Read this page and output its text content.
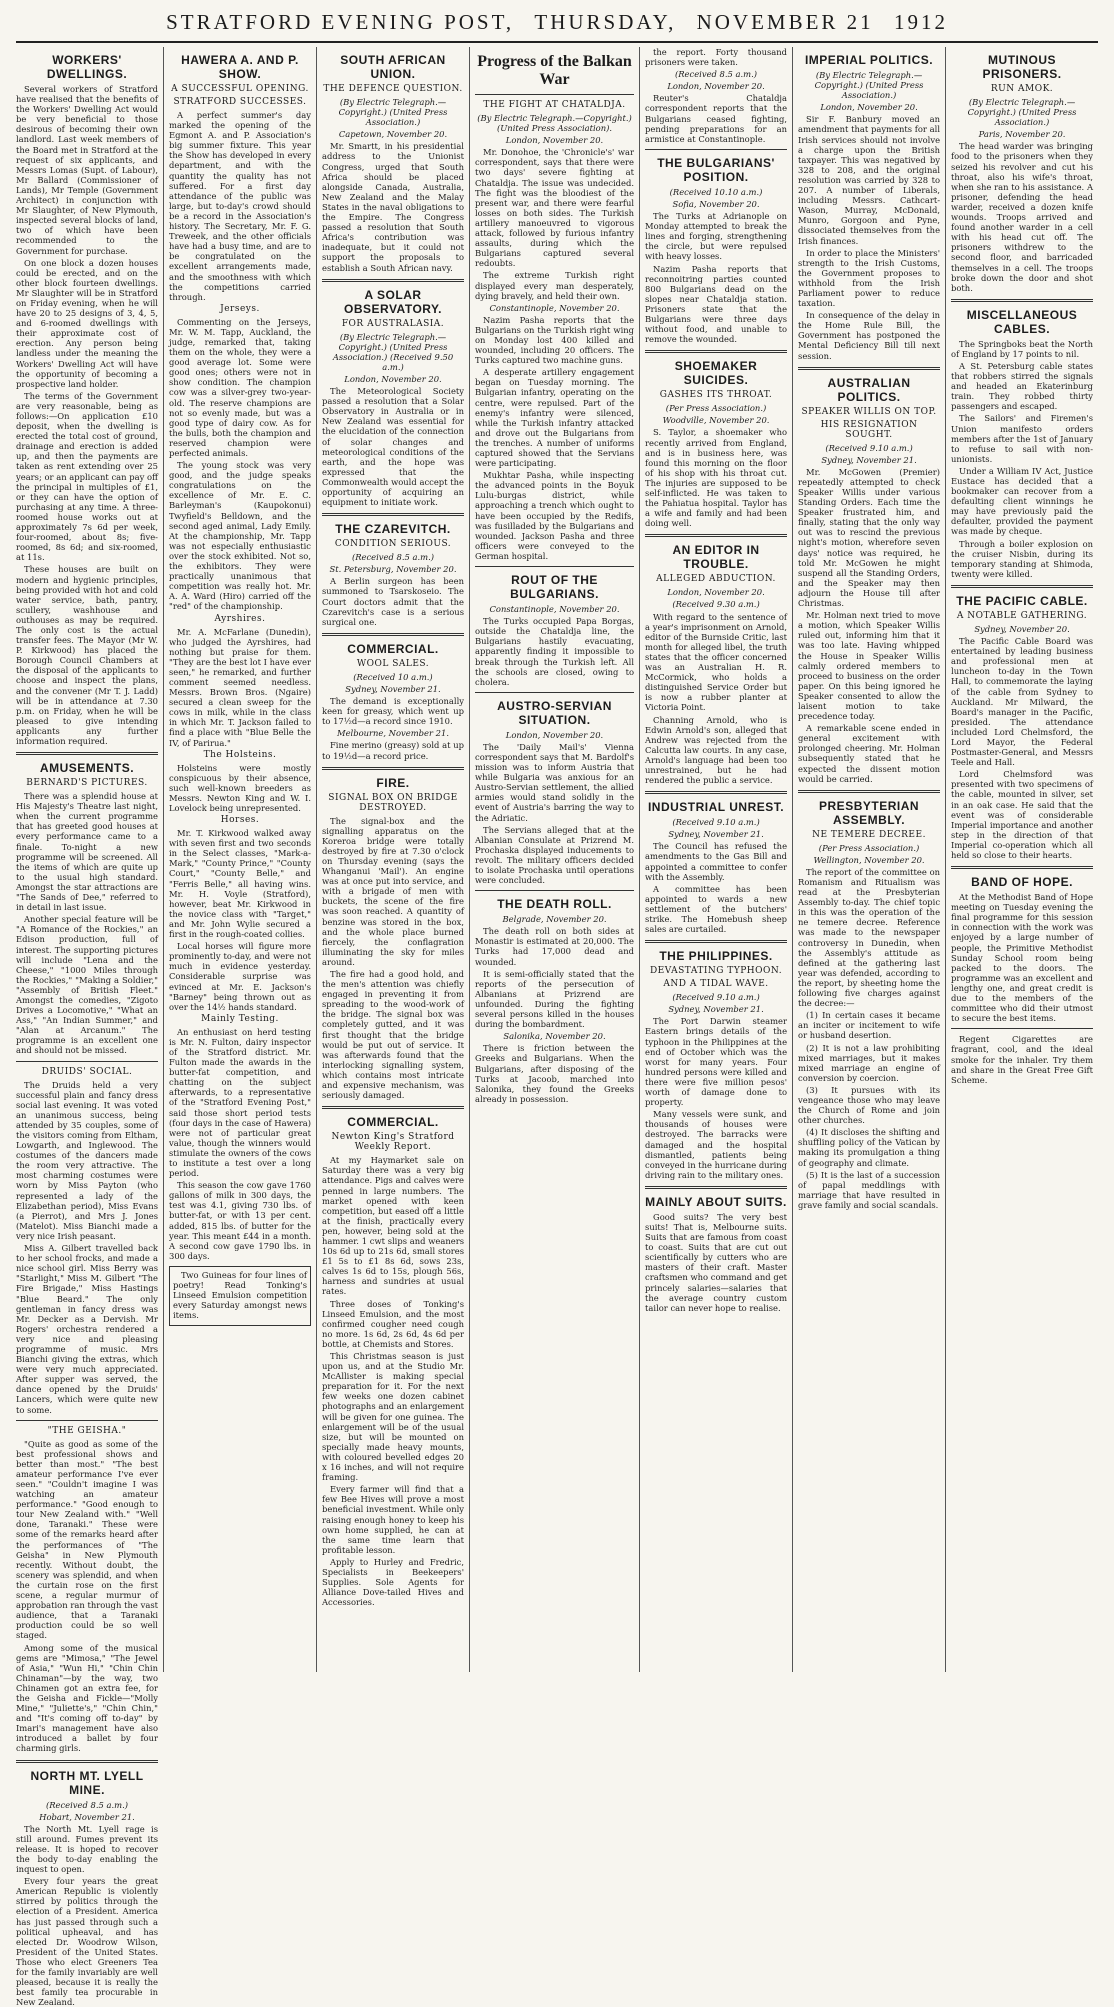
STRATFORD EVENING POST, THURSDAY, NOVEMBER 21 1912
WORKERS' DWELLINGS.

Several workers of Stratford have realised that the benefits of the Workers' Dwelling Act would be very beneficial to those desirous of becoming their own landlord. Last week members of the Board met in Stratford at the request of six applicants, and Messrs Lomas (Supt. of Labour), Mr Ballard (Commissioner of Lands), Mr Temple (Government Architect) in conjunction with Mr Slaughter, of New Plymouth, inspected several blocks of land, two of which have been recommended to the Government for purchase.

On one block a dozen houses could be erected, and on the other block fourteen dwellings. Mr Slaughter will be in Stratford on Friday evening, when he will have 20 to 25 designs of 3, 4, 5, and 6-roomed dwellings with their approximate cost of erection. Any person being landless under the meaning the Workers' Dwelling Act will have the opportunity of becoming a prospective land holder.

The terms of the Government are very reasonable, being as follows:—On application £10 deposit, when the dwelling is erected the total cost of ground, drainage and erection is added up, and then the payments are taken as rent extending over 25 years; or an applicant can pay off the principal in multiples of £1, or they can have the option of purchasing at any time. A three-roomed house works out at approximately 7s 6d per week, four-roomed, about 8s; five-roomed, 8s 6d; and six-roomed, at 11s.

These houses are built on modern and hygienic principles, being provided with hot and cold water service, bath, pantry, scullery, washhouse and outhouses as may be required. The only cost is the actual transfer fees. The Mayor (Mr W. P. Kirkwood) has placed the Borough Council Chambers at the disposal of the applicants to choose and inspect the plans, and the convener (Mr T. J. Ladd) will be in attendance at 7.30 p.m. on Friday, when he will be pleased to give intending applicants any further information required.

AMUSEMENTS.
BERNARD'S PICTURES.

There was a splendid house at His Majesty's Theatre last night, when the current programme that has greeted good houses at every performance came to a finale. To-night a new programme will be screened. All the items of which are quite up to the usual high standard. Amongst the star attractions are "The Sands of Dee," referred to in detail in last issue.

Another special feature will be "A Romance of the Rockies," an Edison production, full of interest. The supporting pictures will include "Lena and the Cheese," "1000 Miles through the Rockies," "Making a Soldier," "Assembly of British Fleet." Amongst the comedies, "Zigoto Drives a Locomotive," "What an Ass," "An Indian Summer," and "Alan at Arcanum." The programme is an excellent one and should not be missed.

DRUIDS' SOCIAL.

The Druids held a very successful plain and fancy dress social last evening. It was voted an unanimous success, being attended by 35 couples, some of the visitors coming from Eltham, Lowgarth, and Inglewood. The costumes of the dancers made the room very attractive. The most charming costumes were worn by Miss Payton (who represented a lady of the Elizabethan period), Miss Evans (a Pierrot), and Mrs J. Jones (Matelot). Miss Bianchi made a very nice Irish peasant.

Miss A. Gilbert travelled back to her school frocks, and made a nice school girl. Miss Berry was "Starlight," Miss M. Gilbert "The Fire Brigade," Miss Hastings "Blue Beard." The only gentleman in fancy dress was Mr. Decker as a Dervish. Mr Rogers' orchestra rendered a very nice and pleasing programme of music. Mrs Bianchi giving the extras, which were very much appreciated. After supper was served, the dance opened by the Druids' Lancers, which were quite new to some.

"THE GEISHA."

"Quite as good as some of the best professional shows and better than most." "The best amateur performance I've ever seen." "Couldn't imagine I was watching an amateur performance." "Good enough to tour New Zealand with." "Well done, Taranaki." These were some of the remarks heard after the performances of "The Geisha" in New Plymouth recently. Without doubt, the scenery was splendid, and when the curtain rose on the first scene, a regular murmur of approbation ran through the vast audience, that a Taranaki production could be so well staged.

Among some of the musical gems are "Mimosa," "The Jewel of Asia," "Wun Hi," "Chin Chin Chinaman"—by the way, two Chinamen got an extra fee, for the Geisha and Fickle—"Molly Mine," "Juliette's," "Chin Chin," and "It's coming off to-day" by Imari's management have also introduced a ballet by four charming girls.

NORTH MT. LYELL MINE.

(Received 8.5 a.m.)

Hobart, November 21.

The North Mt. Lyell rage is still around. Fumes prevent its release. It is hoped to recover the body to-day enabling the inquest to open.

Every four years the great American Republic is violently stirred by politics through the election of a President. America has just passed through such a political upheaval, and has elected Dr. Woodrow Wilson, President of the United States. Those who elect Greeners Tea for the family invariably are well pleased, because it is really the best family tea procurable in New Zealand.

HAWERA A. AND P. SHOW.
A SUCCESSFUL OPENING.
STRATFORD SUCCESSES.

A perfect summer's day marked the opening of the Egmont A. and P. Association's big summer fixture. This year the Show has developed in every department, and with the quantity the quality has not suffered. For a first day attendance of the public was large, but to-day's crowd should be a record in the Association's history. The Secretary, Mr. F. G. Treweek, and the other officials have had a busy time, and are to be congratulated on the excellent arrangements made, and the smoothness with which the competitions carried through.

Jerseys.

Commenting on the Jerseys, Mr. W. M. Tapp, Auckland, the judge, remarked that, taking them on the whole, they were a good average lot. Some were good ones; others were not in show condition. The champion cow was a silver-grey two-year-old. The reserve champions are not so evenly made, but was a good type of dairy cow. As for the bulls, both the champion and reserved champion were perfected animals.

The young stock was very good, and the judge speaks congratulations on the excellence of Mr. E. C. Barleyman's (Kaupokonui) Twyfield's Belldown, and the second aged animal, Lady Emily. At the championship, Mr. Tapp was not especially enthusiastic over the stock exhibited. Not so, the exhibitors. They were practically unanimous that competition was really hot. Mr. A. A. Ward (Hiro) carried off the "red" of the championship.

Ayrshires.

Mr. A. McFarlane (Dunedin), who judged the Ayrshires, had nothing but praise for them. "They are the best lot I have ever seen," he remarked, and further comment seemed needless. Messrs. Brown Bros. (Ngaire) secured a clean sweep for the cows in milk, while in the class in which Mr. T. Jackson failed to find a place with "Blue Belle the IV, of Parirua."

The Holsteins.

Holsteins were mostly conspicuous by their absence, such well-known breeders as Messrs. Newton King and W. I. Lovelock being unrepresented.

Horses.

Mr. T. Kirkwood walked away with seven first and two seconds in the Select classes, "Mark-a-Mark," "County Prince," "County Court," "County Belle," and "Ferris Belle," all having wins. Mr. H. Voyle (Stratford), however, beat Mr. Kirkwood in the novice class with "Target," and Mr. John Wylie secured a first in the rough-coated collies.

Local horses will figure more prominently to-day, and were not much in evidence yesterday. Considerable surprise was evinced at Mr. E. Jackson's "Barney" being thrown out as over the 14½ hands standard.

Mainly Testing.

An enthusiast on herd testing is Mr. N. Fulton, dairy inspector of the Stratford district. Mr. Fulton made the awards in the butter-fat competition, and chatting on the subject afterwards, to a representative of the "Stratford Evening Post," said those short period tests (four days in the case of Hawera) were not of particular great value, though the winners would stimulate the owners of the cows to institute a test over a long period.

This season the cow gave 1760 gallons of milk in 300 days, the test was 4.1, giving 730 lbs. of butter-fat, or with 13 per cent. added, 815 lbs. of butter for the year. This meant £44 in a month. A second cow gave 1790 lbs. in 300 days.

Two Guineas for four lines of poetry! Read Tonking's Linseed Emulsion competition every Saturday amongst news items.

SOUTH AFRICAN UNION.
THE DEFENCE QUESTION.

(By Electric Telegraph.—Copyright.) (United Press Association.)

Capetown, November 20.

Mr. Smartt, in his presidential address to the Unionist Congress, urged that South Africa should be placed alongside Canada, Australia, New Zealand and the Malay States in the naval obligations to the Empire. The Congress passed a resolution that South Africa's contribution was inadequate, but it could not support the proposals to establish a South African navy.

A SOLAR OBSERVATORY.
FOR AUSTRALASIA.

(By Electric Telegraph.—Copyright.) (United Press Association.) (Received 9.50 a.m.)

London, November 20.

The Meteorological Society passed a resolution that a Solar Observatory in Australia or in New Zealand was essential for the elucidation of the connection of solar changes and meteorological conditions of the earth, and the hope was expressed that the Commonwealth would accept the opportunity of acquiring an equipment to initiate work.

THE CZAREVITCH.
CONDITION SERIOUS.

(Received 8.5 a.m.)

St. Petersburg, November 20.

A Berlin surgeon has been summoned to Tsarskoseio. The Court doctors admit that the Czarevitch's case is a serious surgical one.

COMMERCIAL.
WOOL SALES.

(Received 10 a.m.)

Sydney, November 21.

The demand is exceptionally keen for greasy, which went up to 17½d—a record since 1910.

Melbourne, November 21.

Fine merino (greasy) sold at up to 19½d—a record price.

FIRE.
SIGNAL BOX ON BRIDGE DESTROYED.

The signal-box and the signalling apparatus on the Koreroa bridge were totally destroyed by fire at 7.30 o'clock on Thursday evening (says the Whanganui 'Mail'). An engine was at once put into service, and with a brigade of men with buckets, the scene of the fire was soon reached. A quantity of benzine was stored in the box, and the whole place burned fiercely, the conflagration illuminating the sky for miles around.

The fire had a good hold, and the men's attention was chiefly engaged in preventing it from spreading to the wood-work of the bridge. The signal box was completely gutted, and it was first thought that the bridge would be put out of service. It was afterwards found that the interlocking signalling system, which contains most intricate and expensive mechanism, was seriously damaged.

COMMERCIAL.
Newton King's Stratford Weekly Report.

At my Haymarket sale on Saturday there was a very big attendance. Pigs and calves were penned in large numbers. The market opened with keen competition, but eased off a little at the finish, practically every pen, however, being sold at the hammer. 1 cwt slips and weaners 10s 6d up to 21s 6d, small stores £1 5s to £1 8s 6d, sows 23s, calves 1s 6d to 15s, plough 56s, harness and sundries at usual rates.

Three doses of Tonking's Linseed Emulsion, and the most confirmed cougher need cough no more. 1s 6d, 2s 6d, 4s 6d per bottle, at Chemists and Stores.

This Christmas season is just upon us, and at the Studio Mr. McAllister is making special preparation for it. For the next few weeks one dozen cabinet photographs and an enlargement will be given for one guinea. The enlargement will be of the usual size, but will be mounted on specially made heavy mounts, with coloured bevelled edges 20 x 16 inches, and will not require framing.

Every farmer will find that a few Bee Hives will prove a most beneficial investment. While only raising enough honey to keep his own home supplied, he can at the same time learn that profitable lesson.

Apply to Hurley and Fredric, Specialists in Beekeepers' Supplies. Sole Agents for Alliance Dove-tailed Hives and Accessories.

Progress of the Balkan War
THE FIGHT AT CHATALDJA.

(By Electric Telegraph.—Copyright.) (United Press Association).

London, November 20.

Mr. Donohoe, the 'Chronicle's' war correspondent, says that there were two days' severe fighting at Chataldja. The issue was undecided. The fight was the bloodiest of the present war, and there were fearful losses on both sides. The Turkish artillery manoeuvred to vigorous attack, followed by furious infantry assaults, during which the Bulgarians captured several redoubts.

The extreme Turkish right displayed every man desperately, dying bravely, and held their own.

Constantinople, November 20.

Nazim Pasha reports that the Bulgarians on the Turkish right wing on Monday lost 400 killed and wounded, including 20 officers. The Turks captured two machine guns.

A desperate artillery engagement began on Tuesday morning. The Bulgarian infantry, operating on the centre, were repulsed. Part of the enemy's infantry were silenced, while the Turkish infantry attacked and drove out the Bulgarians from the trenches. A number of uniforms captured showed that the Servians were participating.

Mukhtar Pasha, while inspecting the advanced points in the Boyuk Lulu-burgas district, while approaching a trench which ought to have been occupied by the Redifs, was fusilladed by the Bulgarians and wounded. Jackson Pasha and three officers were conveyed to the German hospital.

ROUT OF THE BULGARIANS.

Constantinople, November 20.

The Turks occupied Papa Borgas, outside the Chataldja line, the Bulgarians hastily evacuating, apparently finding it impossible to break through the Turkish left. All the schools are closed, owing to cholera.

AUSTRO-SERVIAN SITUATION.

London, November 20.

The 'Daily Mail's' Vienna correspondent says that M. Bardolf's mission was to inform Austria that while Bulgaria was anxious for an Austro-Servian settlement, the allied armies would stand solidly in the event of Austria's barring the way to the Adriatic.

The Servians alleged that at the Albanian Consulate at Prizrend M. Prochaska displayed inducements to revolt. The military officers decided to isolate Prochaska until operations were concluded.

THE DEATH ROLL.

Belgrade, November 20.

The death roll on both sides at Monastir is estimated at 20,000. The Turks had 17,000 dead and wounded.

It is semi-officially stated that the reports of the persecution of Albanians at Prizrend are unfounded. During the fighting several persons killed in the houses during the bombardment.

Salonika, November 20.

There is friction between the Greeks and Bulgarians. When the Bulgarians, after disposing of the Turks at Jacoob, marched into Salonika, they found the Greeks already in possession.

the report. Forty thousand prisoners were taken.

(Received 8.5 a.m.)

London, November 20.

Reuter's Chataldja correspondent reports that the Bulgarians ceased fighting, pending preparations for an armistice at Constantinople.

THE BULGARIANS' POSITION.

(Received 10.10 a.m.)

Sofia, November 20.

The Turks at Adrianople on Monday attempted to break the lines and forging, strengthening the circle, but were repulsed with heavy losses.

Nazim Pasha reports that reconnoitring parties counted 800 Bulgarians dead on the slopes near Chataldja station. Prisoners state that the Bulgarians were three days without food, and unable to remove the wounded.

SHOEMAKER SUICIDES.
GASHES ITS THROAT.

(Per Press Association.)

Woodville, November 20.

S. Taylor, a shoemaker who recently arrived from England, and is in business here, was found this morning on the floor of his shop with his throat cut. The injuries are supposed to be self-inflicted. He was taken to the Pahiatua hospital. Taylor has a wife and family and had been doing well.

AN EDITOR IN TROUBLE.
ALLEGED ABDUCTION.

London, November 20.

(Received 9.30 a.m.)

With regard to the sentence of a year's imprisonment on Arnold, editor of the Burnside Critic, last month for alleged libel, the truth states that the officer concerned was an Australian H. R. McCormick, who holds a distinguished Service Order but is now a rubber planter at Victoria Point.

Channing Arnold, who is Edwin Arnold's son, alleged that Andrew was rejected from the Calcutta law courts. In any case, Arnold's language had been too unrestrained, but he had rendered the public a service.

INDUSTRIAL UNREST.

(Received 9.10 a.m.)

Sydney, November 21.

The Council has refused the amendments to the Gas Bill and appointed a committee to confer with the Assembly.

A committee has been appointed to wards a new settlement of the butchers' strike. The Homebush sheep sales are curtailed.

THE PHILIPPINES.
DEVASTATING TYPHOON.
AND A TIDAL WAVE.

(Received 9.10 a.m.)

Sydney, November 21.

The Port Darwin steamer Eastern brings details of the typhoon in the Philippines at the end of October which was the worst for many years. Four hundred persons were killed and there were five million pesos' worth of damage done to property.

Many vessels were sunk, and thousands of houses were destroyed. The barracks were damaged and the hospital dismantled, patients being conveyed in the hurricane during driving rain to the military ones.

MAINLY ABOUT SUITS.

Good suits? The very best suits! That is, Melbourne suits. Suits that are famous from coast to coast. Suits that are cut out scientifically by cutters who are masters of their craft. Master craftsmen who command and get princely salaries—salaries that the average country custom tailor can never hope to realise.

IMPERIAL POLITICS.

(By Electric Telegraph.—Copyright.) (United Press Association.)

London, November 20.

Sir F. Banbury moved an amendment that payments for all Irish services should not involve a charge upon the British taxpayer. This was negatived by 328 to 208, and the original resolution was carried by 328 to 207. A number of Liberals, including Messrs. Cathcart-Wason, Murray, McDonald, Munro, Gorgoon and Pyne, dissociated themselves from the Irish finances.

In order to place the Ministers' strength to the Irish Customs, the Government proposes to withhold from the Irish Parliament power to reduce taxation.

In consequence of the delay in the Home Rule Bill, the Government has postponed the Mental Deficiency Bill till next session.

AUSTRALIAN POLITICS.
SPEAKER WILLIS ON TOP.
HIS RESIGNATION SOUGHT.

(Received 9.10 a.m.)

Sydney, November 21.

Mr. McGowen (Premier) repeatedly attempted to check Speaker Willis under various Standing Orders. Each time the Speaker frustrated him, and finally, stating that the only way out was to rescind the previous night's motion, wherefore seven days' notice was required, he told Mr. McGowen he might suspend all the Standing Orders, and the Speaker may then adjourn the House till after Christmas.

Mr. Holman next tried to move a motion, which Speaker Willis ruled out, informing him that it was too late. Having whipped the House in Speaker Willis calmly ordered members to proceed to business on the order paper. On this being ignored he Speaker consented to allow the laisent motion to take precedence today.

A remarkable scene ended in general excitement with prolonged cheering. Mr. Holman subsequently stated that he expected the dissent motion would be carried.

PRESBYTERIAN ASSEMBLY.
NE TEMERE DECREE.

(Per Press Association.)

Wellington, November 20.

The report of the committee on Romanism and Ritualism was read at the Presbyterian Assembly to-day. The chief topic in this was the operation of the ne temere decree. Reference was made to the newspaper controversy in Dunedin, when the Assembly's attitude as defined at the gathering last year was defended, according to the report, by sheeting home the following five charges against the decree:—

(1) In certain cases it became an inciter or incitement to wife or husband desertion.

(2) It is not a law prohibiting mixed marriages, but it makes mixed marriage an engine of conversion by coercion.

(3) It pursues with its vengeance those who may leave the Church of Rome and join other churches.

(4) It discloses the shifting and shuffling policy of the Vatican by making its promulgation a thing of geography and climate.

(5) It is the last of a succession of papal meddlings with marriage that have resulted in grave family and social scandals.

MUTINOUS PRISONERS.
RUN AMOK.

(By Electric Telegraph.—Copyright.) (United Press Association.)

Paris, November 20.

The head warder was bringing food to the prisoners when they seized his revolver and cut his throat, also his wife's throat, when she ran to his assistance. A prisoner, defending the head warder, received a dozen knife wounds. Troops arrived and found another warder in a cell with his head cut off. The prisoners withdrew to the second floor, and barricaded themselves in a cell. The troops broke down the door and shot both.

MISCELLANEOUS CABLES.

The Springboks beat the North of England by 17 points to nil.

A St. Petersburg cable states that robbers stirred the signals and headed an Ekaterinburg train. They robbed thirty passengers and escaped.

The Sailors' and Firemen's Union manifesto orders members after the 1st of January to refuse to sail with non-unionists.

Under a William IV Act, Justice Eustace has decided that a bookmaker can recover from a defaulting client winnings he may have previously paid the defaulter, provided the payment was made by cheque.

Through a boiler explosion on the cruiser Nisbin, during its temporary standing at Shimoda, twenty were killed.

THE PACIFIC CABLE.
A NOTABLE GATHERING.

Sydney, November 20.

The Pacific Cable Board was entertained by leading business and professional men at luncheon to-day in the Town Hall, to commemorate the laying of the cable from Sydney to Auckland. Mr Milward, the Board's manager in the Pacific, presided. The attendance included Lord Chelmsford, the Lord Mayor, the Federal Postmaster-General, and Messrs Teele and Hall.

Lord Chelmsford was presented with two specimens of the cable, mounted in silver, set in an oak case. He said that the event was of considerable Imperial importance and another step in the direction of that Imperial co-operation which all held so close to their hearts.

BAND OF HOPE.

At the Methodist Band of Hope meeting on Tuesday evening the final programme for this session in connection with the work was enjoyed by a large number of people, the Primitive Methodist Sunday School room being packed to the doors. The programme was an excellent and lengthy one, and great credit is due to the members of the committee who did their utmost to secure the best items.

Regent Cigarettes are fragrant, cool, and the ideal smoke for the inhaler. Try them and share in the Great Free Gift Scheme.
